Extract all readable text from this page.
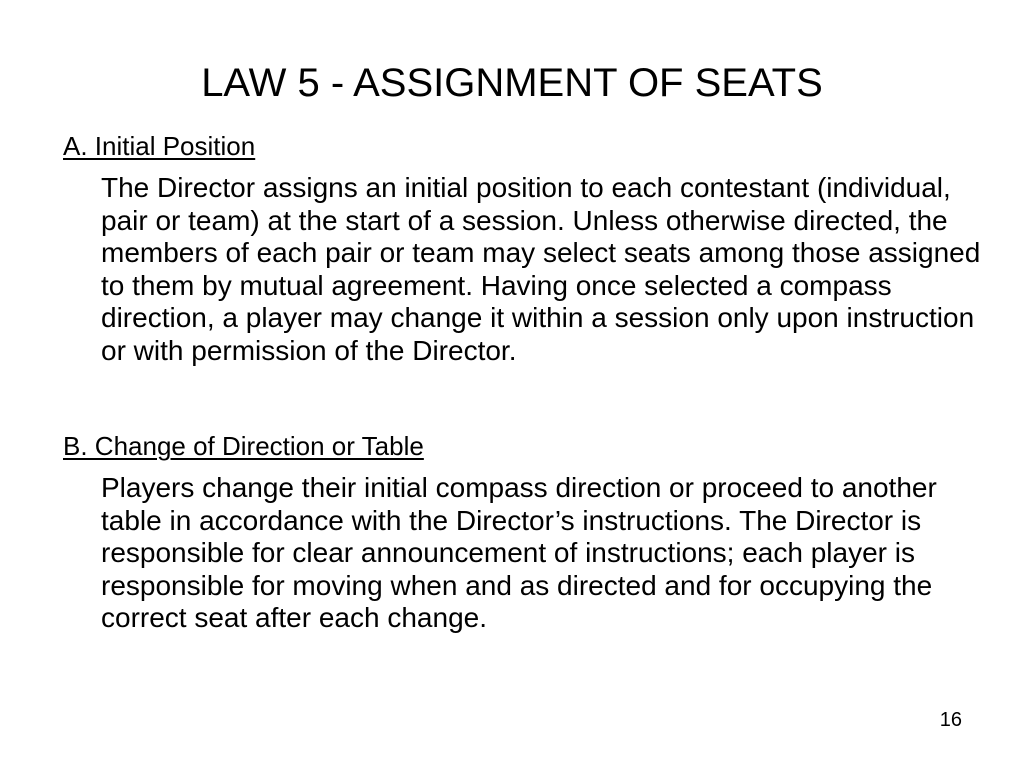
LAW 5 - ASSIGNMENT OF SEATS
A. Initial Position

The Director assigns an initial position to each contestant (individual, pair or team) at the start of a session. Unless otherwise directed, the members of each pair or team may select seats among those assigned to them by mutual agreement. Having once selected a compass direction, a player may change it within a session only upon instruction or with permission of the Director.

B. Change of Direction or Table

Players change their initial compass direction or proceed to another table in accordance with the Director’s instructions. The Director is responsible for clear announcement of instructions; each player is responsible for moving when and as directed and for occupying the correct seat after each change.

16
